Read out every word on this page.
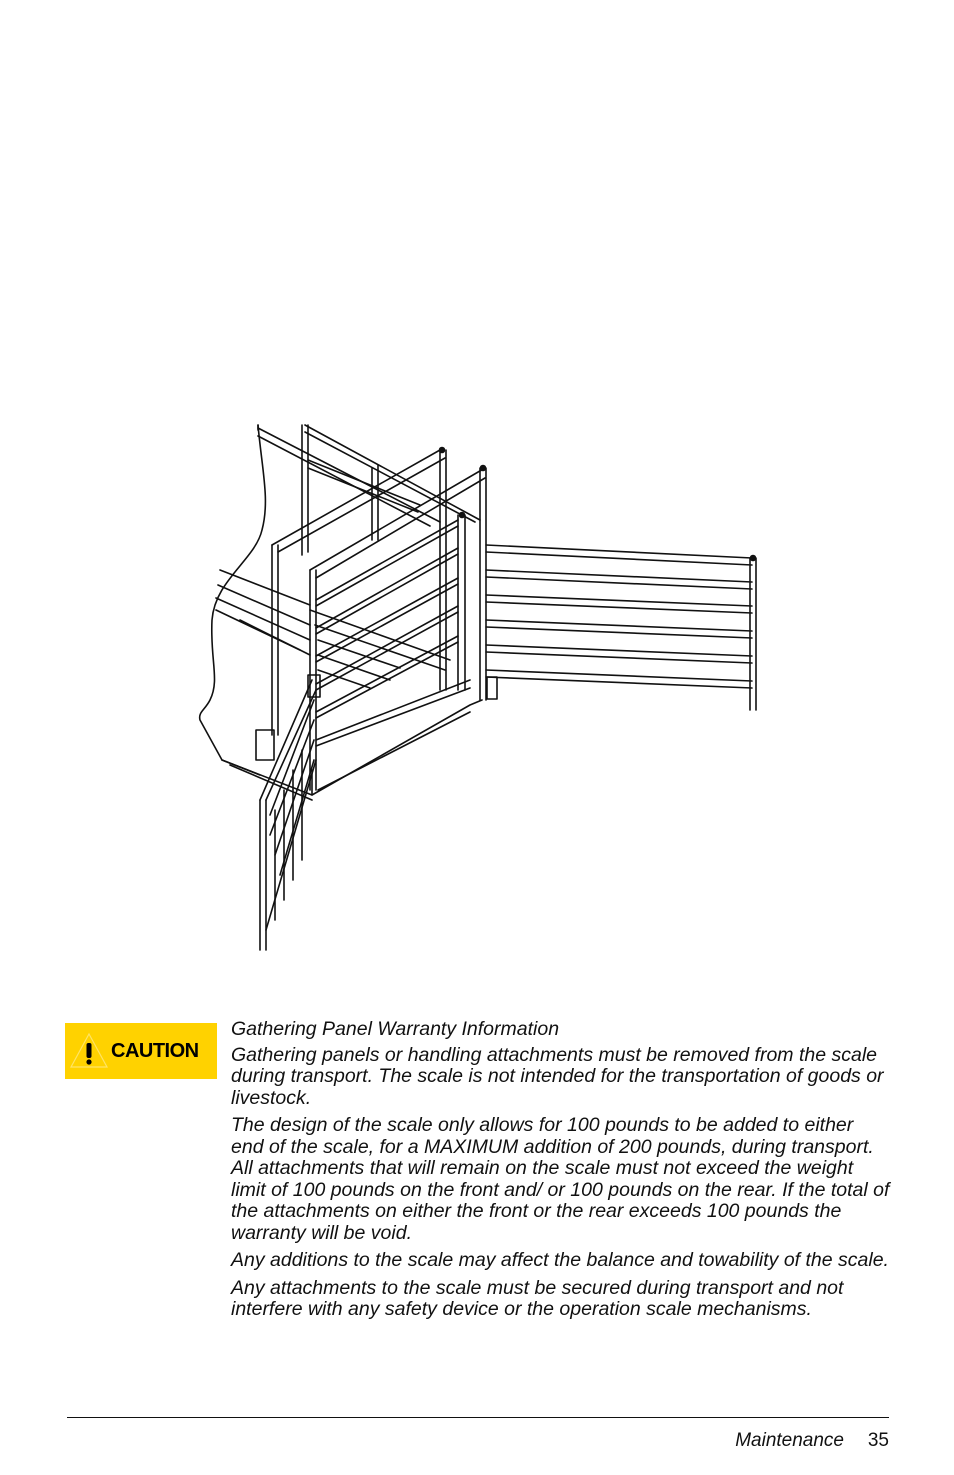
CAUTION

Gathering Panel Warranty Information

Gathering panels or handling attachments must be removed from the scale during transport. The scale is not intended for the transportation of goods or livestock.

The design of the scale only allows for 100 pounds to be added to either end of the scale, for a MAXIMUM addition of 200 pounds, during transport. All attachments that will remain on the scale must not exceed the weight limit of 100 pounds on the front and/ or 100 pounds on the rear. If the total of the attachments on either the front or the rear exceeds 100 pounds the warranty will be void.

Any additions to the scale may affect the balance and towability of the scale.

Any attachments to the scale must be secured during transport and not interfere with any safety device or the operation scale mechanisms.

Maintenance 35
